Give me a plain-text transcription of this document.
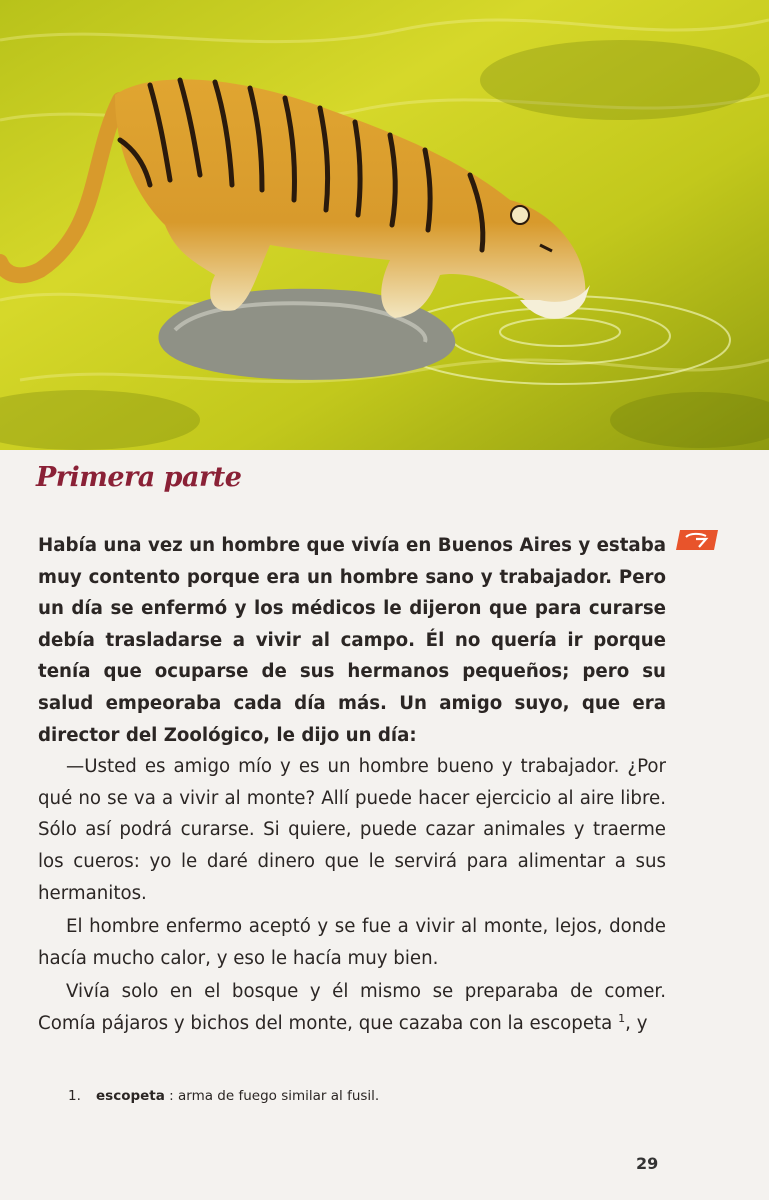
Primera parte

Había una vez un hombre que vivía en Buenos Aires y estaba muy contento porque era un hombre sano y trabajador. Pero un día se enfermó y los médicos le dijeron que para curarse debía trasladarse a vivir al campo. Él no quería ir porque tenía que ocuparse de sus hermanos pequeños; pero su salud empeoraba cada día más. Un amigo suyo, que era director del Zoológico, le dijo un día:

—Usted es amigo mío y es un hombre bueno y trabajador. ¿Por qué no se va a vivir al monte? Allí puede hacer ejercicio al aire libre. Sólo así podrá curarse. Si quiere, puede cazar animales y traerme los cueros: yo le daré dinero que le servirá para alimentar a sus hermanitos.

El hombre enfermo aceptó y se fue a vivir al monte, lejos, donde hacía mucho calor, y eso le hacía muy bien.

Vivía solo en el bosque y él mismo se preparaba de comer. Comía pájaros y bichos del monte, que cazaba con la escopeta $^1$, y

1. escopeta : arma de fuego similar al fusil.
29
